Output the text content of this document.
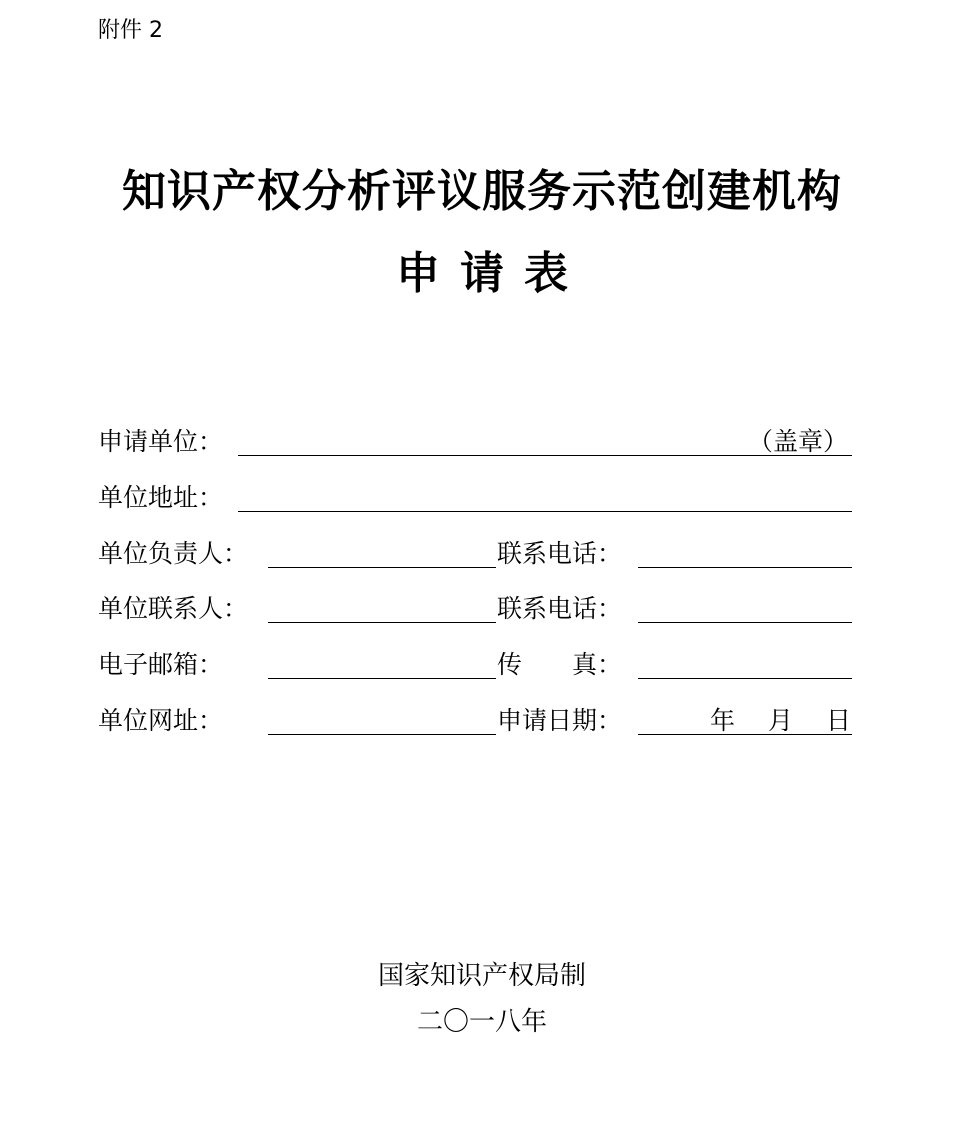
附件 2
知识产权分析评议服务示范创建机构
申请表
申请单位：	（盖章）
单位地址：
单位负责人：	联系电话：
单位联系人：	联系电话：
电子邮箱：	传　　真：
单位网址：	申请日期：	年 月 日
国家知识产权局制
二〇一八年
